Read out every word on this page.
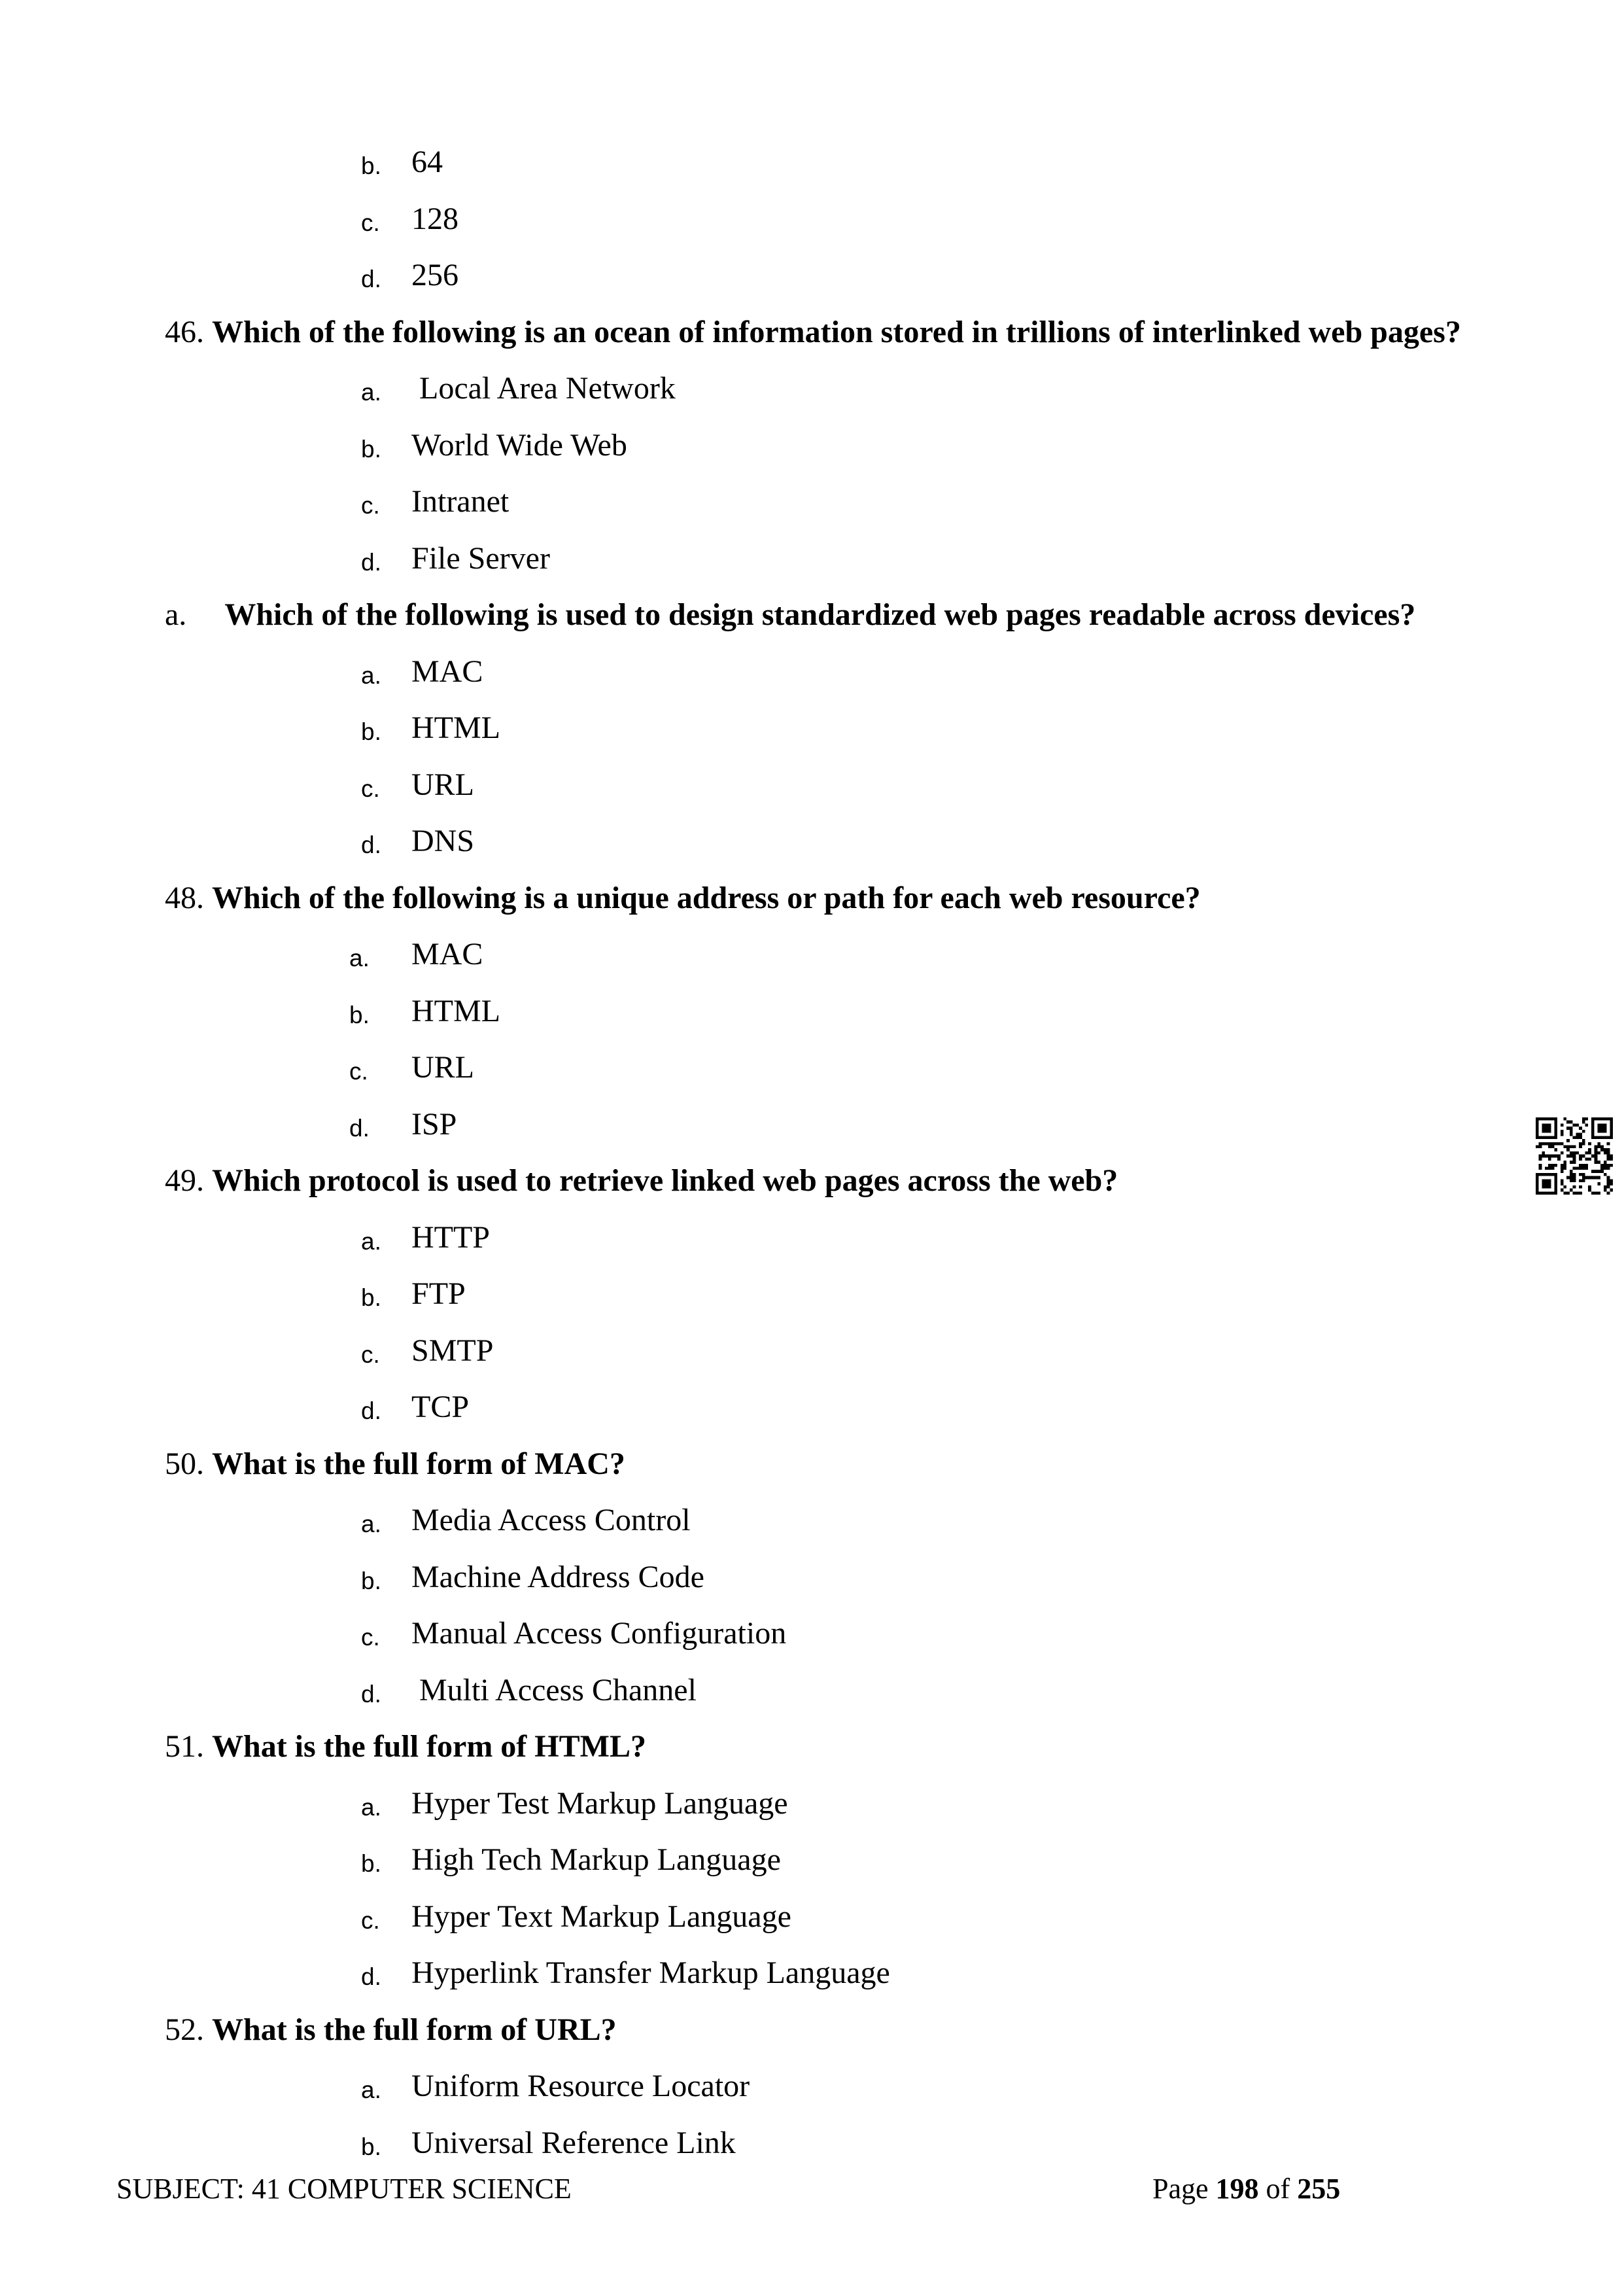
b. 64
c. 128
d. 256
46. Which of the following is an ocean of information stored in trillions of interlinked web pages?
a. Local Area Network
b. World Wide Web
c. Intranet
d. File Server
a. Which of the following is used to design standardized web pages readable across devices?
a. MAC
b. HTML
c. URL
d. DNS
48. Which of the following is a unique address or path for each web resource?
a. MAC
b. HTML
c. URL
d. ISP
49. Which protocol is used to retrieve linked web pages across the web?
a. HTTP
b. FTP
c. SMTP
d. TCP
50. What is the full form of MAC?
a. Media Access Control
b. Machine Address Code
c. Manual Access Configuration
d. Multi Access Channel
51. What is the full form of HTML?
a. Hyper Test Markup Language
b. High Tech Markup Language
c. Hyper Text Markup Language
d. Hyperlink Transfer Markup Language
52. What is the full form of URL?
a. Uniform Resource Locator
b. Universal Reference Link
SUBJECT: 41 COMPUTER SCIENCE	Page 198 of 255
